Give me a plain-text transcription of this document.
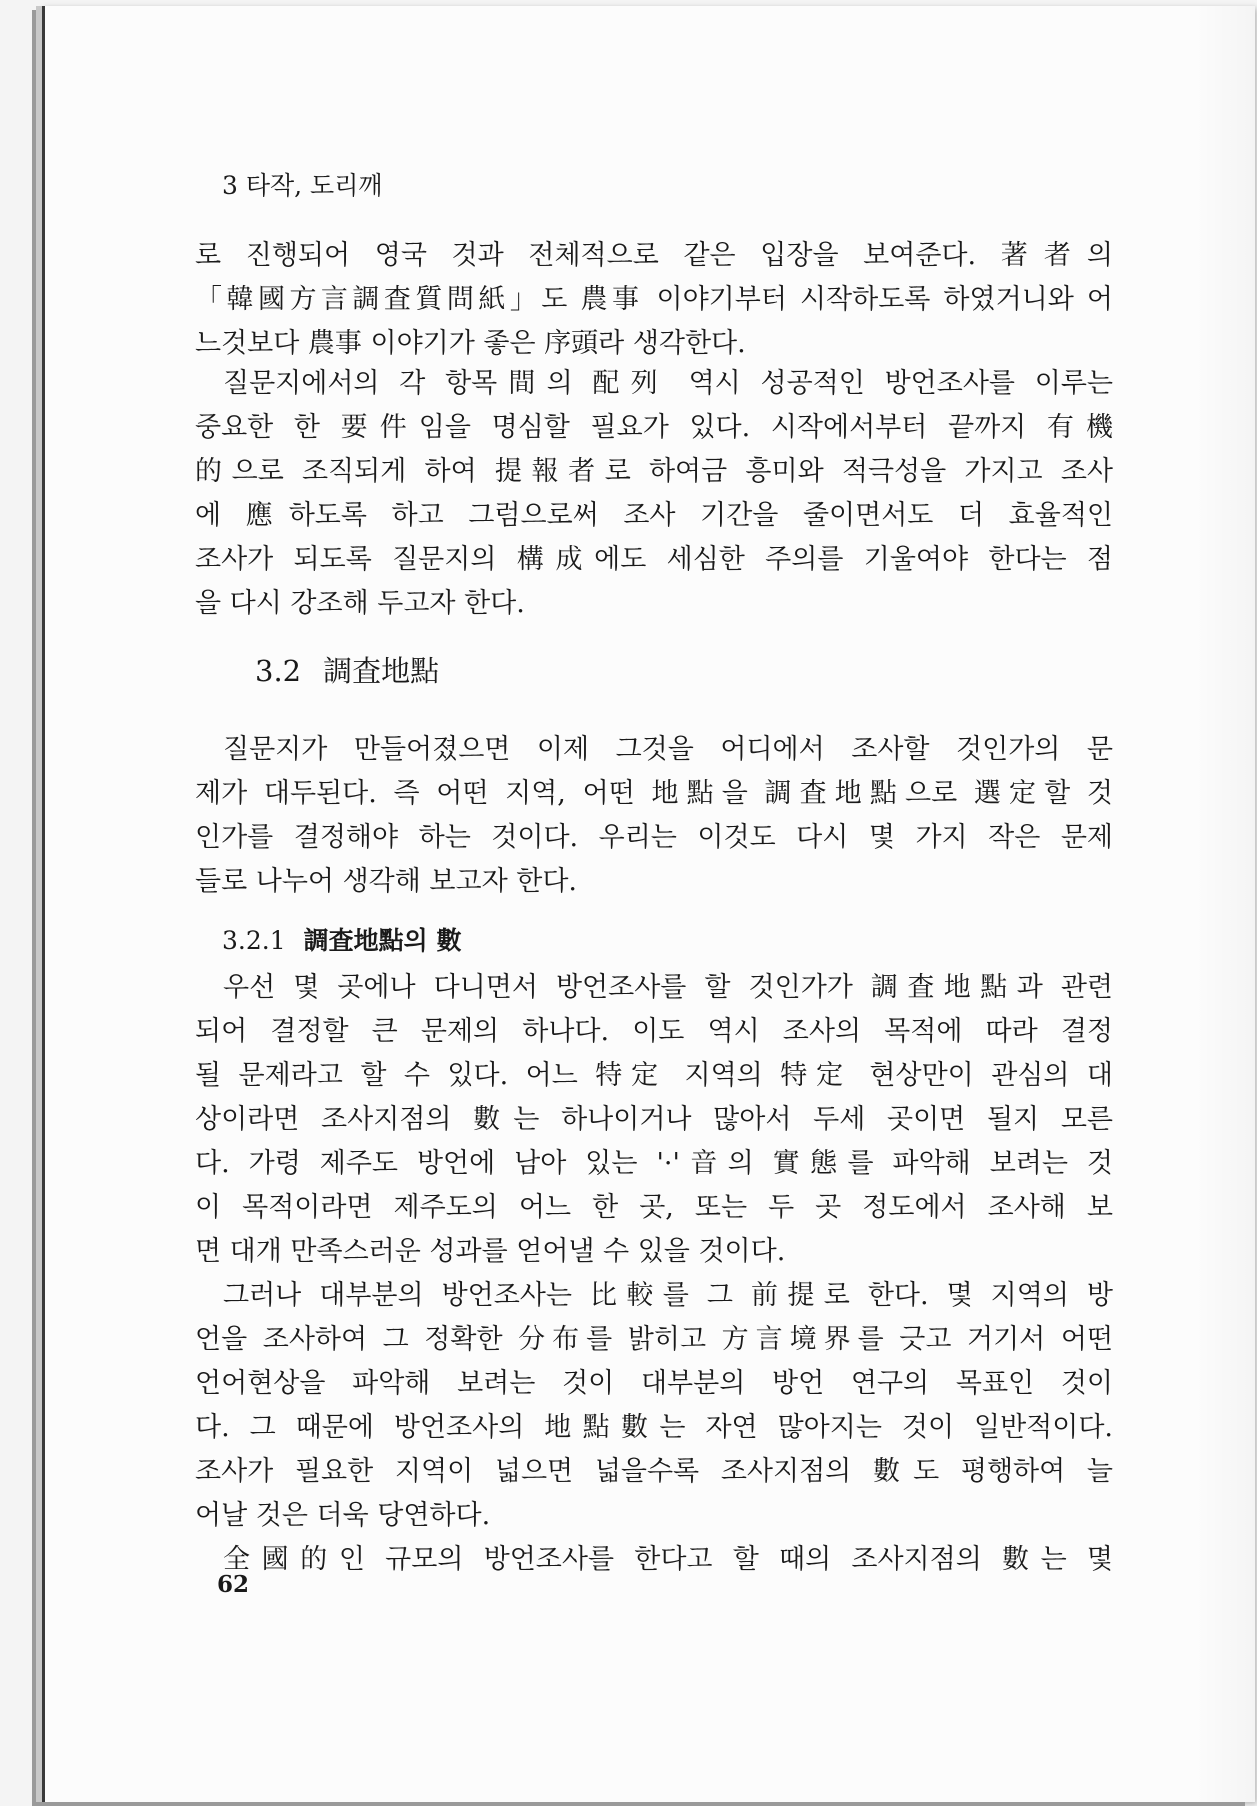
3 타작, 도리깨

로 진행되어 영국 것과 전체적으로 같은 입장을 보여준다. 著者의
「韓國方言調査質問紙」도 農事 이야기부터 시작하도록 하였거니와 어
느것보다 農事 이야기가 좋은 序頭라 생각한다.

질문지에서의 각 항목間의 配列 역시 성공적인 방언조사를 이루는
중요한 한 要件임을 명심할 필요가 있다. 시작에서부터 끝까지 有機
的으로 조직되게 하여 提報者로 하여금 흥미와 적극성을 가지고 조사
에 應하도록 하고 그럼으로써 조사 기간을 줄이면서도 더 효율적인
조사가 되도록 질문지의 構成에도 세심한 주의를 기울여야 한다는 점
을 다시 강조해 두고자 한다.

3.2 調査地點

질문지가 만들어졌으면 이제 그것을 어디에서 조사할 것인가의 문
제가 대두된다. 즉 어떤 지역, 어떤 地點을 調査地點으로 選定할 것
인가를 결정해야 하는 것이다. 우리는 이것도 다시 몇 가지 작은 문제
들로 나누어 생각해 보고자 한다.

3.2.1 調査地點의 數

우선 몇 곳에나 다니면서 방언조사를 할 것인가가 調査地點과 관련
되어 결정할 큰 문제의 하나다. 이도 역시 조사의 목적에 따라 결정
될 문제라고 할 수 있다. 어느 特定 지역의 特定 현상만이 관심의 대
상이라면 조사지점의 數는 하나이거나 많아서 두세 곳이면 될지 모른
다. 가령 제주도 방언에 남아 있는 '·'音의 實態를 파악해 보려는 것
이 목적이라면 제주도의 어느 한 곳, 또는 두 곳 정도에서 조사해 보
면 대개 만족스러운 성과를 얻어낼 수 있을 것이다.

그러나 대부분의 방언조사는 比較를 그 前提로 한다. 몇 지역의 방
언을 조사하여 그 정확한 分布를 밝히고 方言境界를 긋고 거기서 어떤
언어현상을 파악해 보려는 것이 대부분의 방언 연구의 목표인 것이
다. 그 때문에 방언조사의 地點數는 자연 많아지는 것이 일반적이다.
조사가 필요한 지역이 넓으면 넓을수록 조사지점의 數도 평행하여 늘
어날 것은 더욱 당연하다.

全國的인 규모의 방언조사를 한다고 할 때의 조사지점의 數는 몇

62
